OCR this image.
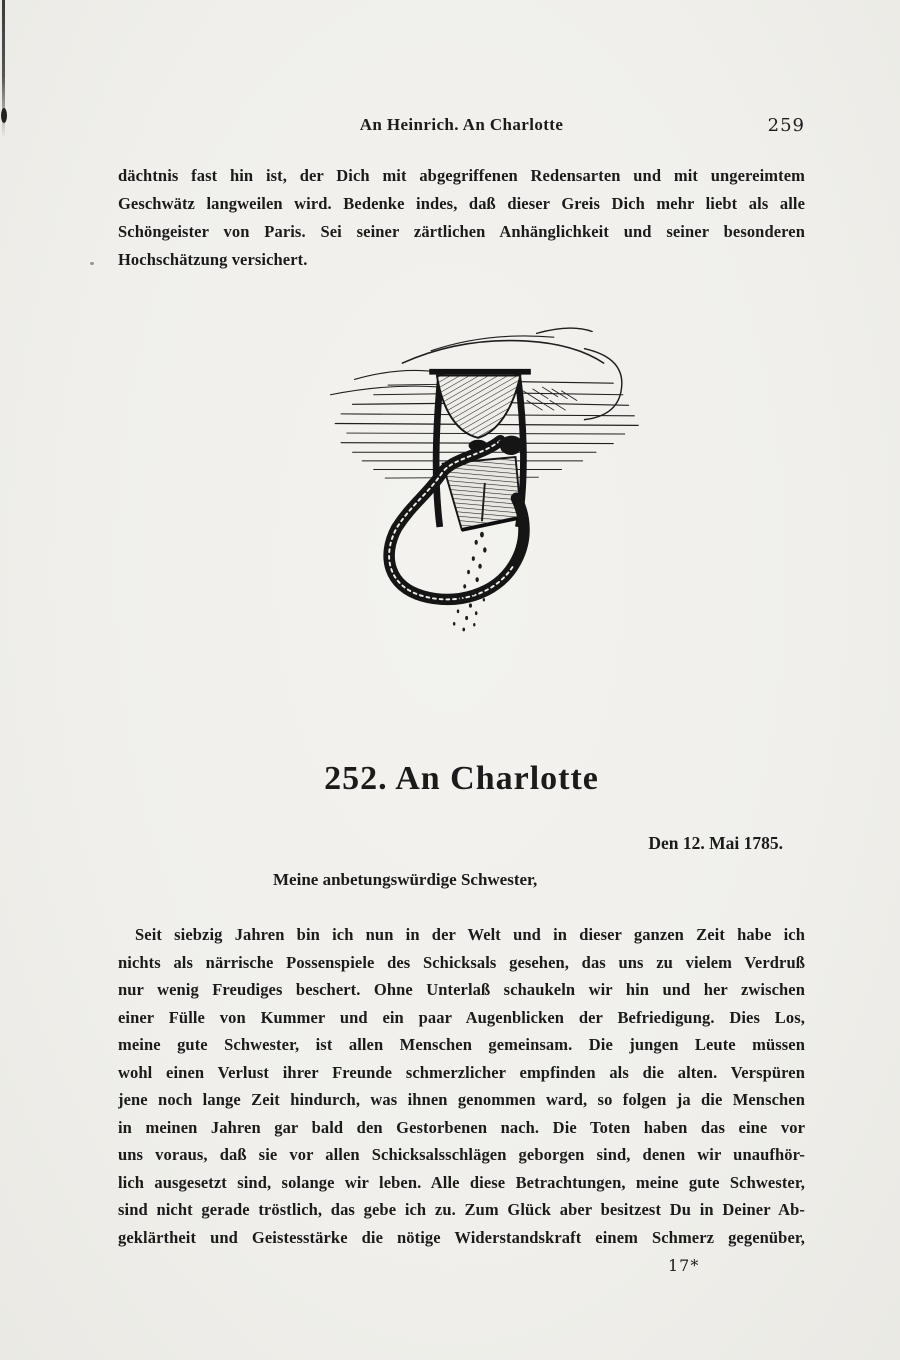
An Heinrich. An Charlotte	259
dächtnis fast hin ist, der Dich mit abgegriffenen Redensarten und mit ungereimtem
Geschwätz langweilen wird. Bedenke indes, daß dieser Greis Dich mehr liebt als alle
Schöngeister von Paris. Sei seiner zärtlichen Anhänglichkeit und seiner besonderen
Hochschätzung versichert.
252. An Charlotte
Den 12. Mai 1785.
Meine anbetungswürdige Schwester,
Seit siebzig Jahren bin ich nun in der Welt und in dieser ganzen Zeit habe ich
nichts als närrische Possenspiele des Schicksals gesehen, das uns zu vielem Verdruß
nur wenig Freudiges beschert. Ohne Unterlaß schaukeln wir hin und her zwischen
einer Fülle von Kummer und ein paar Augenblicken der Befriedigung. Dies Los,
meine gute Schwester, ist allen Menschen gemeinsam. Die jungen Leute müssen
wohl einen Verlust ihrer Freunde schmerzlicher empfinden als die alten. Verspüren
jene noch lange Zeit hindurch, was ihnen genommen ward, so folgen ja die Menschen
in meinen Jahren gar bald den Gestorbenen nach. Die Toten haben das eine vor
uns voraus, daß sie vor allen Schicksalsschlägen geborgen sind, denen wir unaufhör-
lich ausgesetzt sind, solange wir leben. Alle diese Betrachtungen, meine gute Schwester,
sind nicht gerade tröstlich, das gebe ich zu. Zum Glück aber besitzest Du in Deiner Ab-
geklärtheit und Geistesstärke die nötige Widerstandskraft einem Schmerz gegenüber,
17*
